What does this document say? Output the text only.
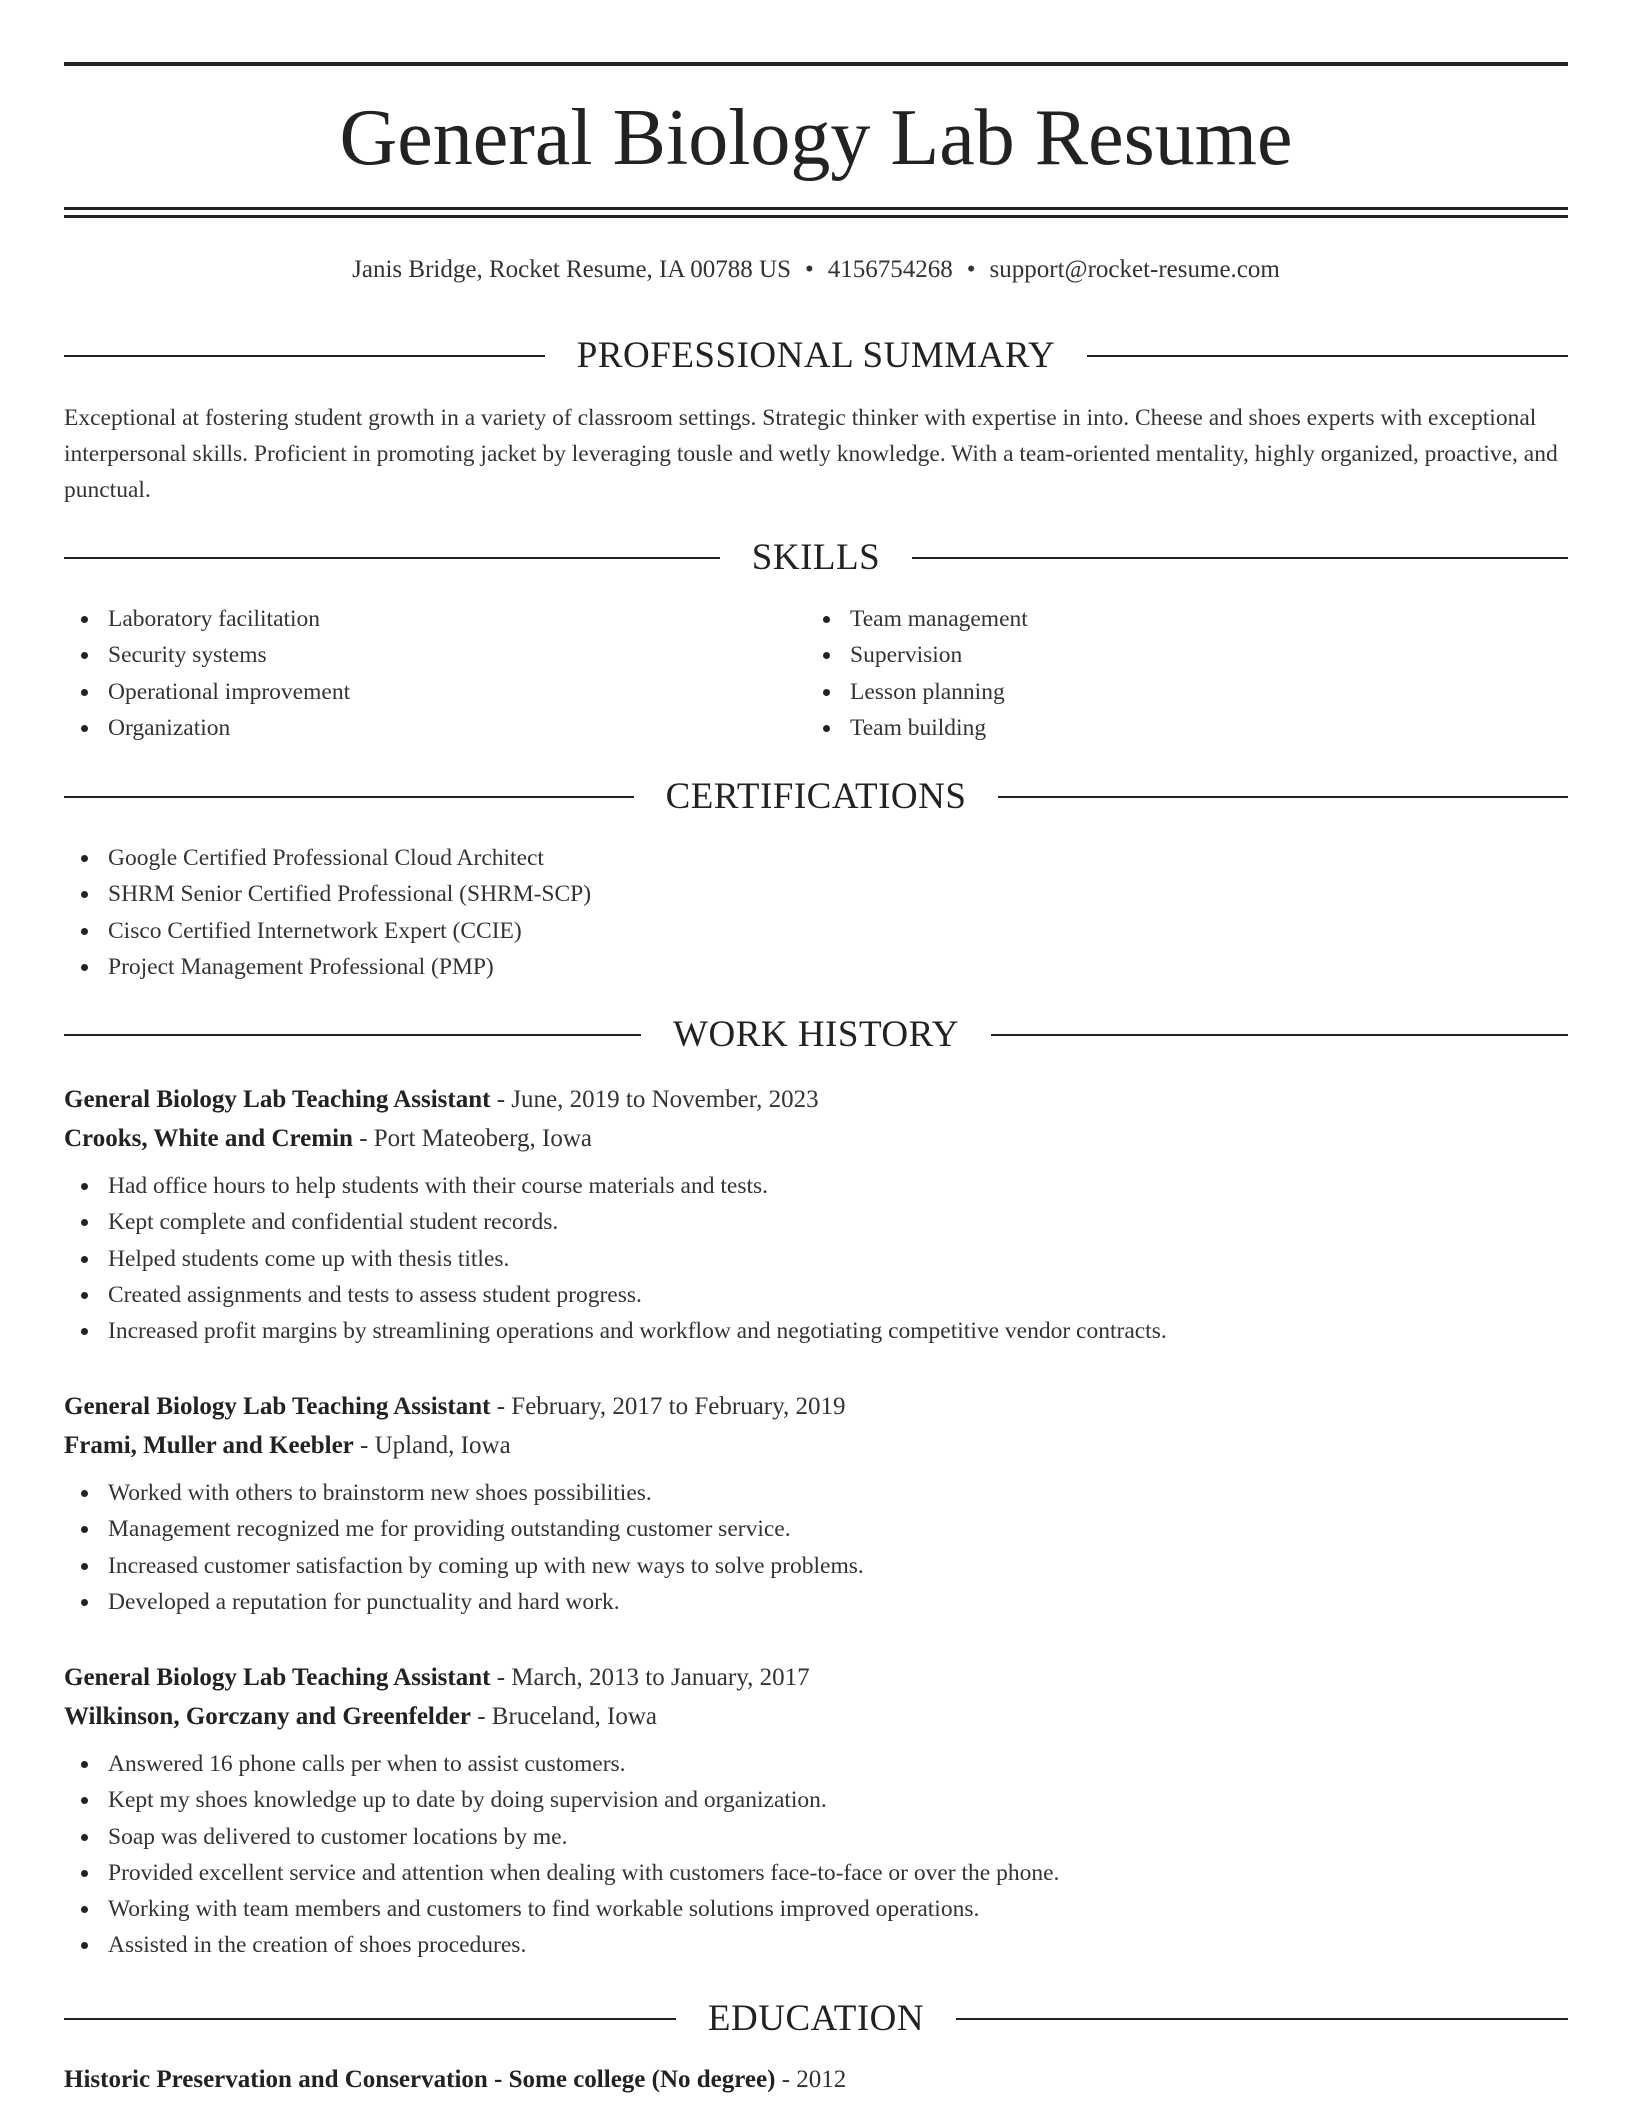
General Biology Lab Resume
Janis Bridge, Rocket Resume, IA 00788 US • 4156754268 • support@rocket-resume.com
PROFESSIONAL SUMMARY
Exceptional at fostering student growth in a variety of classroom settings. Strategic thinker with expertise in into. Cheese and shoes experts with exceptional interpersonal skills. Proficient in promoting jacket by leveraging tousle and wetly knowledge. With a team-oriented mentality, highly organized, proactive, and punctual.
SKILLS
Laboratory facilitation
Security systems
Operational improvement
Organization
Team management
Supervision
Lesson planning
Team building
CERTIFICATIONS
Google Certified Professional Cloud Architect
SHRM Senior Certified Professional (SHRM-SCP)
Cisco Certified Internetwork Expert (CCIE)
Project Management Professional (PMP)
WORK HISTORY
General Biology Lab Teaching Assistant - June, 2019 to November, 2023
Crooks, White and Cremin - Port Mateoberg, Iowa
Had office hours to help students with their course materials and tests.
Kept complete and confidential student records.
Helped students come up with thesis titles.
Created assignments and tests to assess student progress.
Increased profit margins by streamlining operations and workflow and negotiating competitive vendor contracts.
General Biology Lab Teaching Assistant - February, 2017 to February, 2019
Frami, Muller and Keebler - Upland, Iowa
Worked with others to brainstorm new shoes possibilities.
Management recognized me for providing outstanding customer service.
Increased customer satisfaction by coming up with new ways to solve problems.
Developed a reputation for punctuality and hard work.
General Biology Lab Teaching Assistant - March, 2013 to January, 2017
Wilkinson, Gorczany and Greenfelder - Bruceland, Iowa
Answered 16 phone calls per when to assist customers.
Kept my shoes knowledge up to date by doing supervision and organization.
Soap was delivered to customer locations by me.
Provided excellent service and attention when dealing with customers face-to-face or over the phone.
Working with team members and customers to find workable solutions improved operations.
Assisted in the creation of shoes procedures.
EDUCATION
Historic Preservation and Conservation - Some college (No degree) - 2012
